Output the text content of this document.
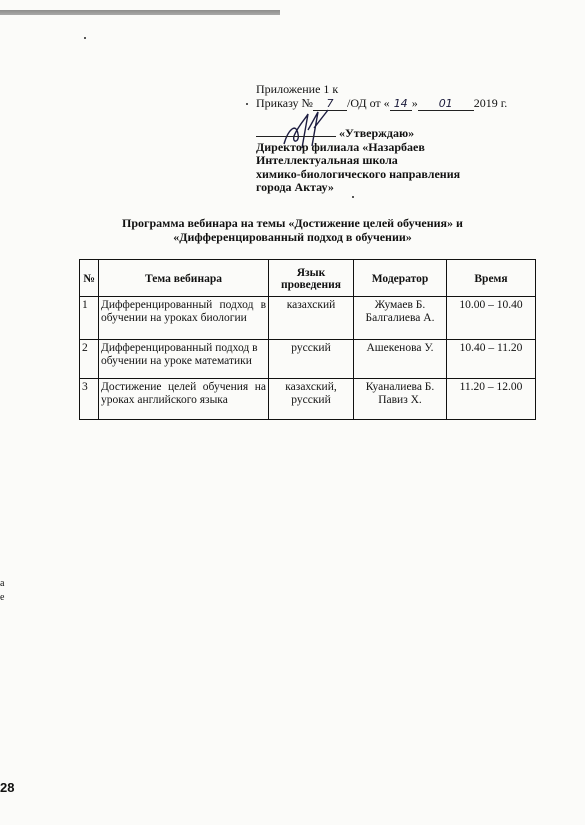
Приложение 1 к
Приказу № 7 /ОД от « 14 » 01 2019 г.
«Утверждаю»
Директор филиала «Назарбаев
Интеллектуальная школа
химико-биологического направления
города Актау»
Программа вебинара на темы «Достижение целей обучения» и
«Дифференцированный подход в обучении»
№	Тема вебинара	Язык проведения	Модератор	Время
1	Дифференцированный подход в обучении на уроках биологии	казахский	Жумаев Б. Балгалиева А.	10.00 – 10.40
2	Дифференцированный подход в обучении на уроке математики	русский	Ашекенова У.	10.40 – 11.20
3	Достижение целей обучения на уроках английского языка	казахский, русский	Куаналиева Б. Павиз Х.	11.20 – 12.00
а
е
28
